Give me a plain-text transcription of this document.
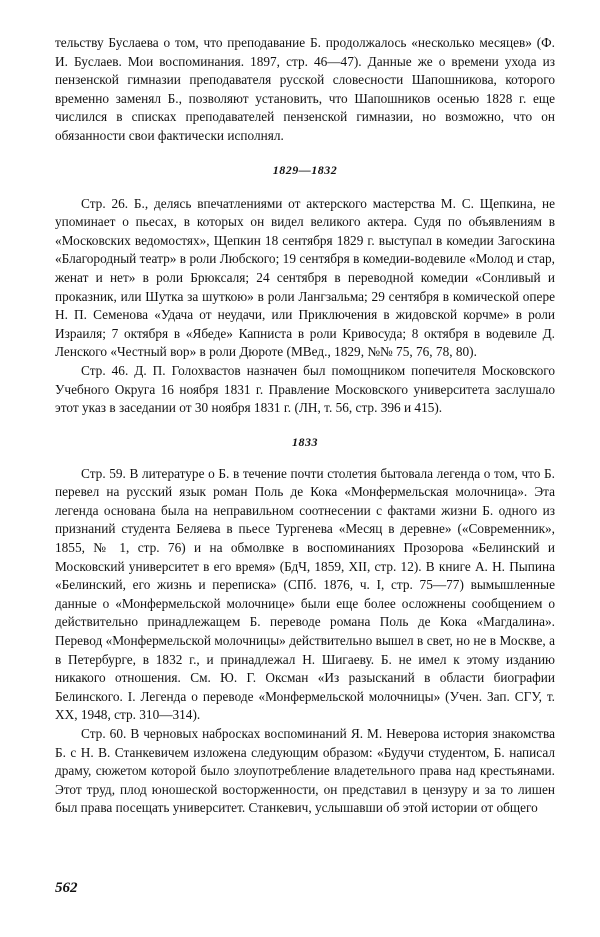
тельству Буслаева о том, что преподавание Б. продолжалось «несколько месяцев» (Ф. И. Буслаев. Мои воспоминания. 1897, стр. 46—47). Данные же о времени ухода из пензенской гимназии преподавателя русской словесности Шапошникова, которого временно заменял Б., позволяют установить, что Шапошников осенью 1828 г. еще числился в списках преподавателей пензенской гимназии, но возможно, что он обязанности свои фактически исполнял.

1829—1832

Стр. 26. Б., делясь впечатлениями от актерского мастерства М. С. Щепкина, не упоминает о пьесах, в которых он видел великого актера. Судя по объявлениям в «Московских ведомостях», Щепкин 18 сентября 1829 г. выступал в комедии Загоскина «Благородный театр» в роли Любского; 19 сентября в комедии-водевиле «Молод и стар, женат и нет» в роли Брюксаля; 24 сентября в переводной комедии «Сонливый и проказник, или Шутка за шуткою» в роли Лангзальма; 29 сентября в комической опере Н. П. Семенова «Удача от неудачи, или Приключения в жидовской корчме» в роли Израиля; 7 октября в «Ябеде» Капниста в роли Кривосуда; 8 октября в водевиле Д. Ленского «Честный вор» в роли Дюроте (МВед., 1829, №№ 75, 76, 78, 80).

Стр. 46. Д. П. Голохвастов назначен был помощником попечителя Московского Учебного Округа 16 ноября 1831 г. Правление Московского университета заслушало этот указ в заседании от 30 ноября 1831 г. (ЛН, т. 56, стр. 396 и 415).

1833

Стр. 59. В литературе о Б. в течение почти столетия бытовала легенда о том, что Б. перевел на русский язык роман Поль де Кока «Монфермельская молочница». Эта легенда основана была на неправильном соотнесении с фактами жизни Б. одного из признаний студента Беляева в пьесе Тургенева «Месяц в деревне» («Современник», 1855, № 1, стр. 76) и на обмолвке в воспоминаниях Прозорова «Белинский и Московский университет в его время» (БдЧ, 1859, XII, стр. 12). В книге А. Н. Пыпина «Белинский, его жизнь и переписка» (СПб. 1876, ч. I, стр. 75—77) вымышленные данные о «Монфермельской молочнице» были еще более осложнены сообщением о действительно принадлежащем Б. переводе романа Поль де Кока «Магдалина». Перевод «Монфермельской молочницы» действительно вышел в свет, но не в Москве, а в Петербурге, в 1832 г., и принадлежал Н. Шигаеву. Б. не имел к этому изданию никакого отношения. См. Ю. Г. Оксман «Из разысканий в области биографии Белинского. I. Легенда о переводе «Монфермельской молочницы» (Учен. Зап. СГУ, т. XX, 1948, стр. 310—314).

Стр. 60. В черновых набросках воспоминаний Я. М. Неверова история знакомства Б. с Н. В. Станкевичем изложена следующим образом: «Будучи студентом, Б. написал драму, сюжетом которой было злоупотребление владетельного права над крестьянами. Этот труд, плод юношеской восторженности, он представил в цензуру и за то лишен был права посещать университет. Станкевич, услышавши об этой истории от общего

562
